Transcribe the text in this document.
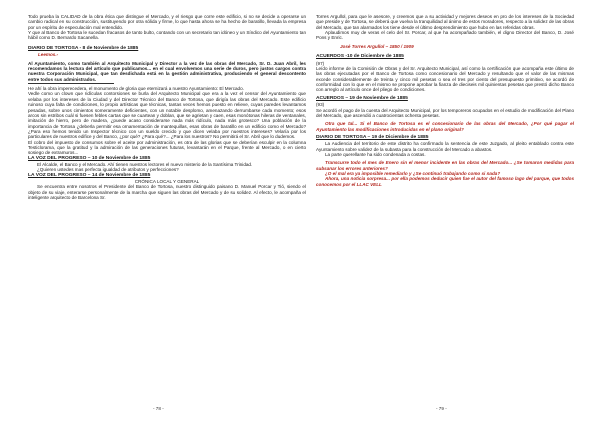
Todo prueba la CALIDAD de la obra ética que distingue el Mercado, y el riesgo que corre este edificio, si no se decide a operarse un cambio radical en su construcción, sustituyendo por otra sólida y firme, lo que hasta ahora se ha hecho de baratillo, llevada la empresa por un espíritu de especulación mal entendido.

Y que al Banco de Tortosa le sucedan fracasos de tanto bulto, contando con un secretario tan idóneo y un Síndico del Ayuntamiento tan hábil como D. Bernardo Sacanella.

DIARIO DE TORTOSA - 8 de Noviembre de 1885

Leemos.-

Al Ayuntamiento, como también al Arquitecto Municipal y Director a la vez de las obras del Mercado, Sr. D. Juan Abril, les recomendamos la lectura del artículo que publicamos... en el cual envolvemos una serie de duros, pero justos cargos contra nuestra Corporación Municipal, que tan desdichada está en la gestión administrativa, produciendo el general descontento entre todos sus administrados.

He ahí la obra imperecedera, el monumento de gloria que eternizará a nuestro Ayuntamiento: El Mercado.

Vedle como un clown que ridículas contorsiones se burla del Arquitecto Municipal que era a la vez el censor del Ayuntamiento que velaba por los intereses de la Ciudad y del Director Técnico del Banco de Tortosa, que dirigía las obras del Mercado. Este edificio ruinoso cuya falta de condiciones, lo propio artísticas que técnicas, tantas veces hemos puesto en relieve, cuyas paredes levantamos pesadas, sobre unos cimientos someramente deficientes, con un notable desplomo, amenazando derrumbarse cada momento; esos arcos sin estribos cuál si fuesen febles cartas que se cuartean y doblan, que se agrietan y caen, esas monótonas hileras de ventanales, imitación de hierro, pero de madera, ¿puede acaso considerarse nada más ridículo, nada más grotesco? Una población de la importancia de Tortosa ¿deberla permitir esa ornamentación de mantequillas, esas obras de baratillo en un edificio como el Mercado? ¿Para eso hemos tenido un Inspector técnico con un sueldo crecido y que dicen velaba por nuestros intereses? Velaría por los particulares de nuestros edifice y del Banco, ¿por qué? ¿Para qué?... ¿Para los nuestros? No permitirá el Sr. Abril que lo dudemos.

El cobro del impuesto de consumos sobre el aceite por administración, es otra de las glorias que se deberían esculpir en la columna Testiclorama, que la gratitud y la admiración de las generaciones futuras, levantarán en el Parque, frente al Mercado, o en cierto sosiego de extramuros...

LA VOZ DEL PROGRESO – 10 de Noviembre de 1885

El Alcalde, el Banco y el Mercado. Ahí tienen nuestros lectores el nuevo misterio de la Santísima Trinidad.

¿Quieren ustedes mas perfecta igualdad de atributos y perfecciones?

LA VOZ DEL PROGRESO – 14 de Noviembre de 1885

CRÓNICA LOCAL Y GENERAL

Se encuentra entre nosotros el Presidente del Banco de Tortosa, nuestro distinguido paisano D. Manuel Porcar y Tió, siendo el objeto de su viaje, enterarse personalmente de la marcha que siguen las obras del Mercado y de su solidez. Al efecto, le acompaña el inteligente arquitecto de Barcelona Sr.

- 78 -

Torres Argullol, para que le asesore, y creemos que a su actividad y mejores deseos en pro de los intereses de la Sociedad que preside y de Tortosa, se deberá que vuelva la tranquilidad al ánimo de estos moradores, respecto a la solidez de las obras del Mercado, que tan alarmados los tiene desde el último desprendimiento que hubo en las referidas obras.

Aplaudimos muy de veras el celo del Sr. Porcar, al que ha acompañado también, el digno Director del Banco, D. José Pons y Enric.

José Torres Argullol – 1850 / 1909

ACUERDOS -10 de Diciembre de 1885

(97)

Leído informe de la Comisión de Obras y del Sr. Arquitecto Municipal, así como la certificación que acompaña este último de las obras ejecutadas por el Banco de Tortosa como concesionario del Mercado y resultando que el valor de las mismas excede considerablemente de treinta y cinco mil pesetas o sea el tres por ciento del presupuesto primitivo, se acordó de conformidad con lo que en el mismo se propone aprobar la fianza de dieciseis mil quinientas pesetas que prestó dicho Banco con arreglo al artículo once del pliego de condiciones.

ACUERDOS – 19 de Noviembre de 1885

(93)

Se acordó el pago de la cuenta del Arquitecto Municipal, por los temporeros ocupados en el estudio de modificación del Plano del Mercado, que ascendió a cuatrocientas ochenta pesetas.

Otra que tal... Si el Banco de Tortosa es el concesionario de las obras del Mercado, ¿Por qué pagar el Ayuntamiento las modificaciones introducidas en el plano original?

DIARIO DE TORTOSA – 19 de Diciembre de 1885

La Audiencia del territorio de este distrito ha confirmado la sentencia de este Juzgado, al pleito entablado contra este Ayuntamiento sobre validez de la subasta para la construcción del Mercado a abastos.

La parte querellante ha sido condenada a costas.

Transcurre todo el mes de Enero sin el menor incidente en las obras del Mercado... ¿Se tomaron medidas para subsanar los errores anteriores?

¿O el mal era ya imposible remediarlo y ¿Se continuó trabajando como si nada?

Ahora, una noticia sorpresa... por ella podemos deducir quien fue el autor del famoso lago del parque, que todos conocemos por el LLAC VELL

- 79 -
